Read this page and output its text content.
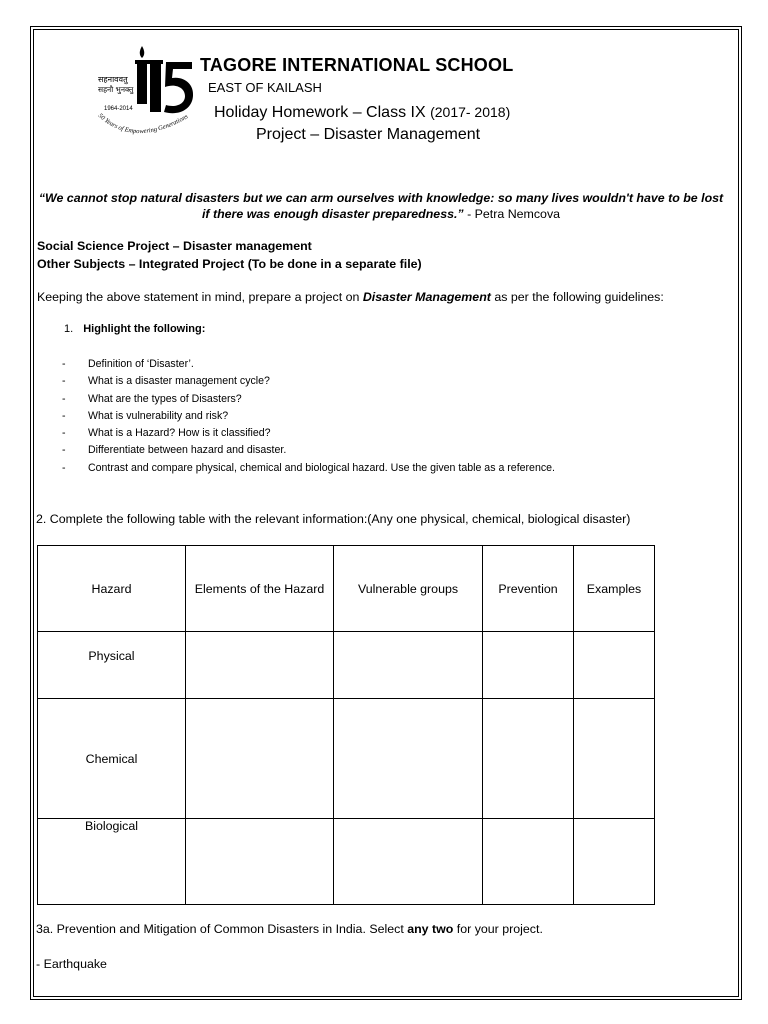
सहनाववतु
सहनौ भुनक्तु
1964-2014
50 Years of Empowering Generations
TAGORE INTERNATIONAL SCHOOL
EAST OF KAILASH
Holiday Homework – Class IX (2017- 2018)
Project – Disaster Management
“We cannot stop natural disasters but we can arm ourselves with knowledge: so many lives wouldn't have to be lost if there was enough disaster preparedness.” - Petra Nemcova
Social Science Project – Disaster management
Other Subjects – Integrated Project (To be done in a separate file)
Keeping the above statement in mind, prepare a project on Disaster Management as per the following guidelines:
1. Highlight the following:
- Definition of ‘Disaster’.
- What is a disaster management cycle?
- What are the types of Disasters?
- What is vulnerability and risk?
- What is a Hazard? How is it classified?
- Differentiate between hazard and disaster.
- Contrast and compare physical, chemical and biological hazard. Use the given table as a reference.
2. Complete the following table with the relevant information:(Any one physical, chemical, biological disaster)
Hazard	Elements of the Hazard	Vulnerable groups	Prevention	Examples
Physical				
Chemical				
Biological				
3a. Prevention and Mitigation of Common Disasters in India. Select any two for your project.
- Earthquake
